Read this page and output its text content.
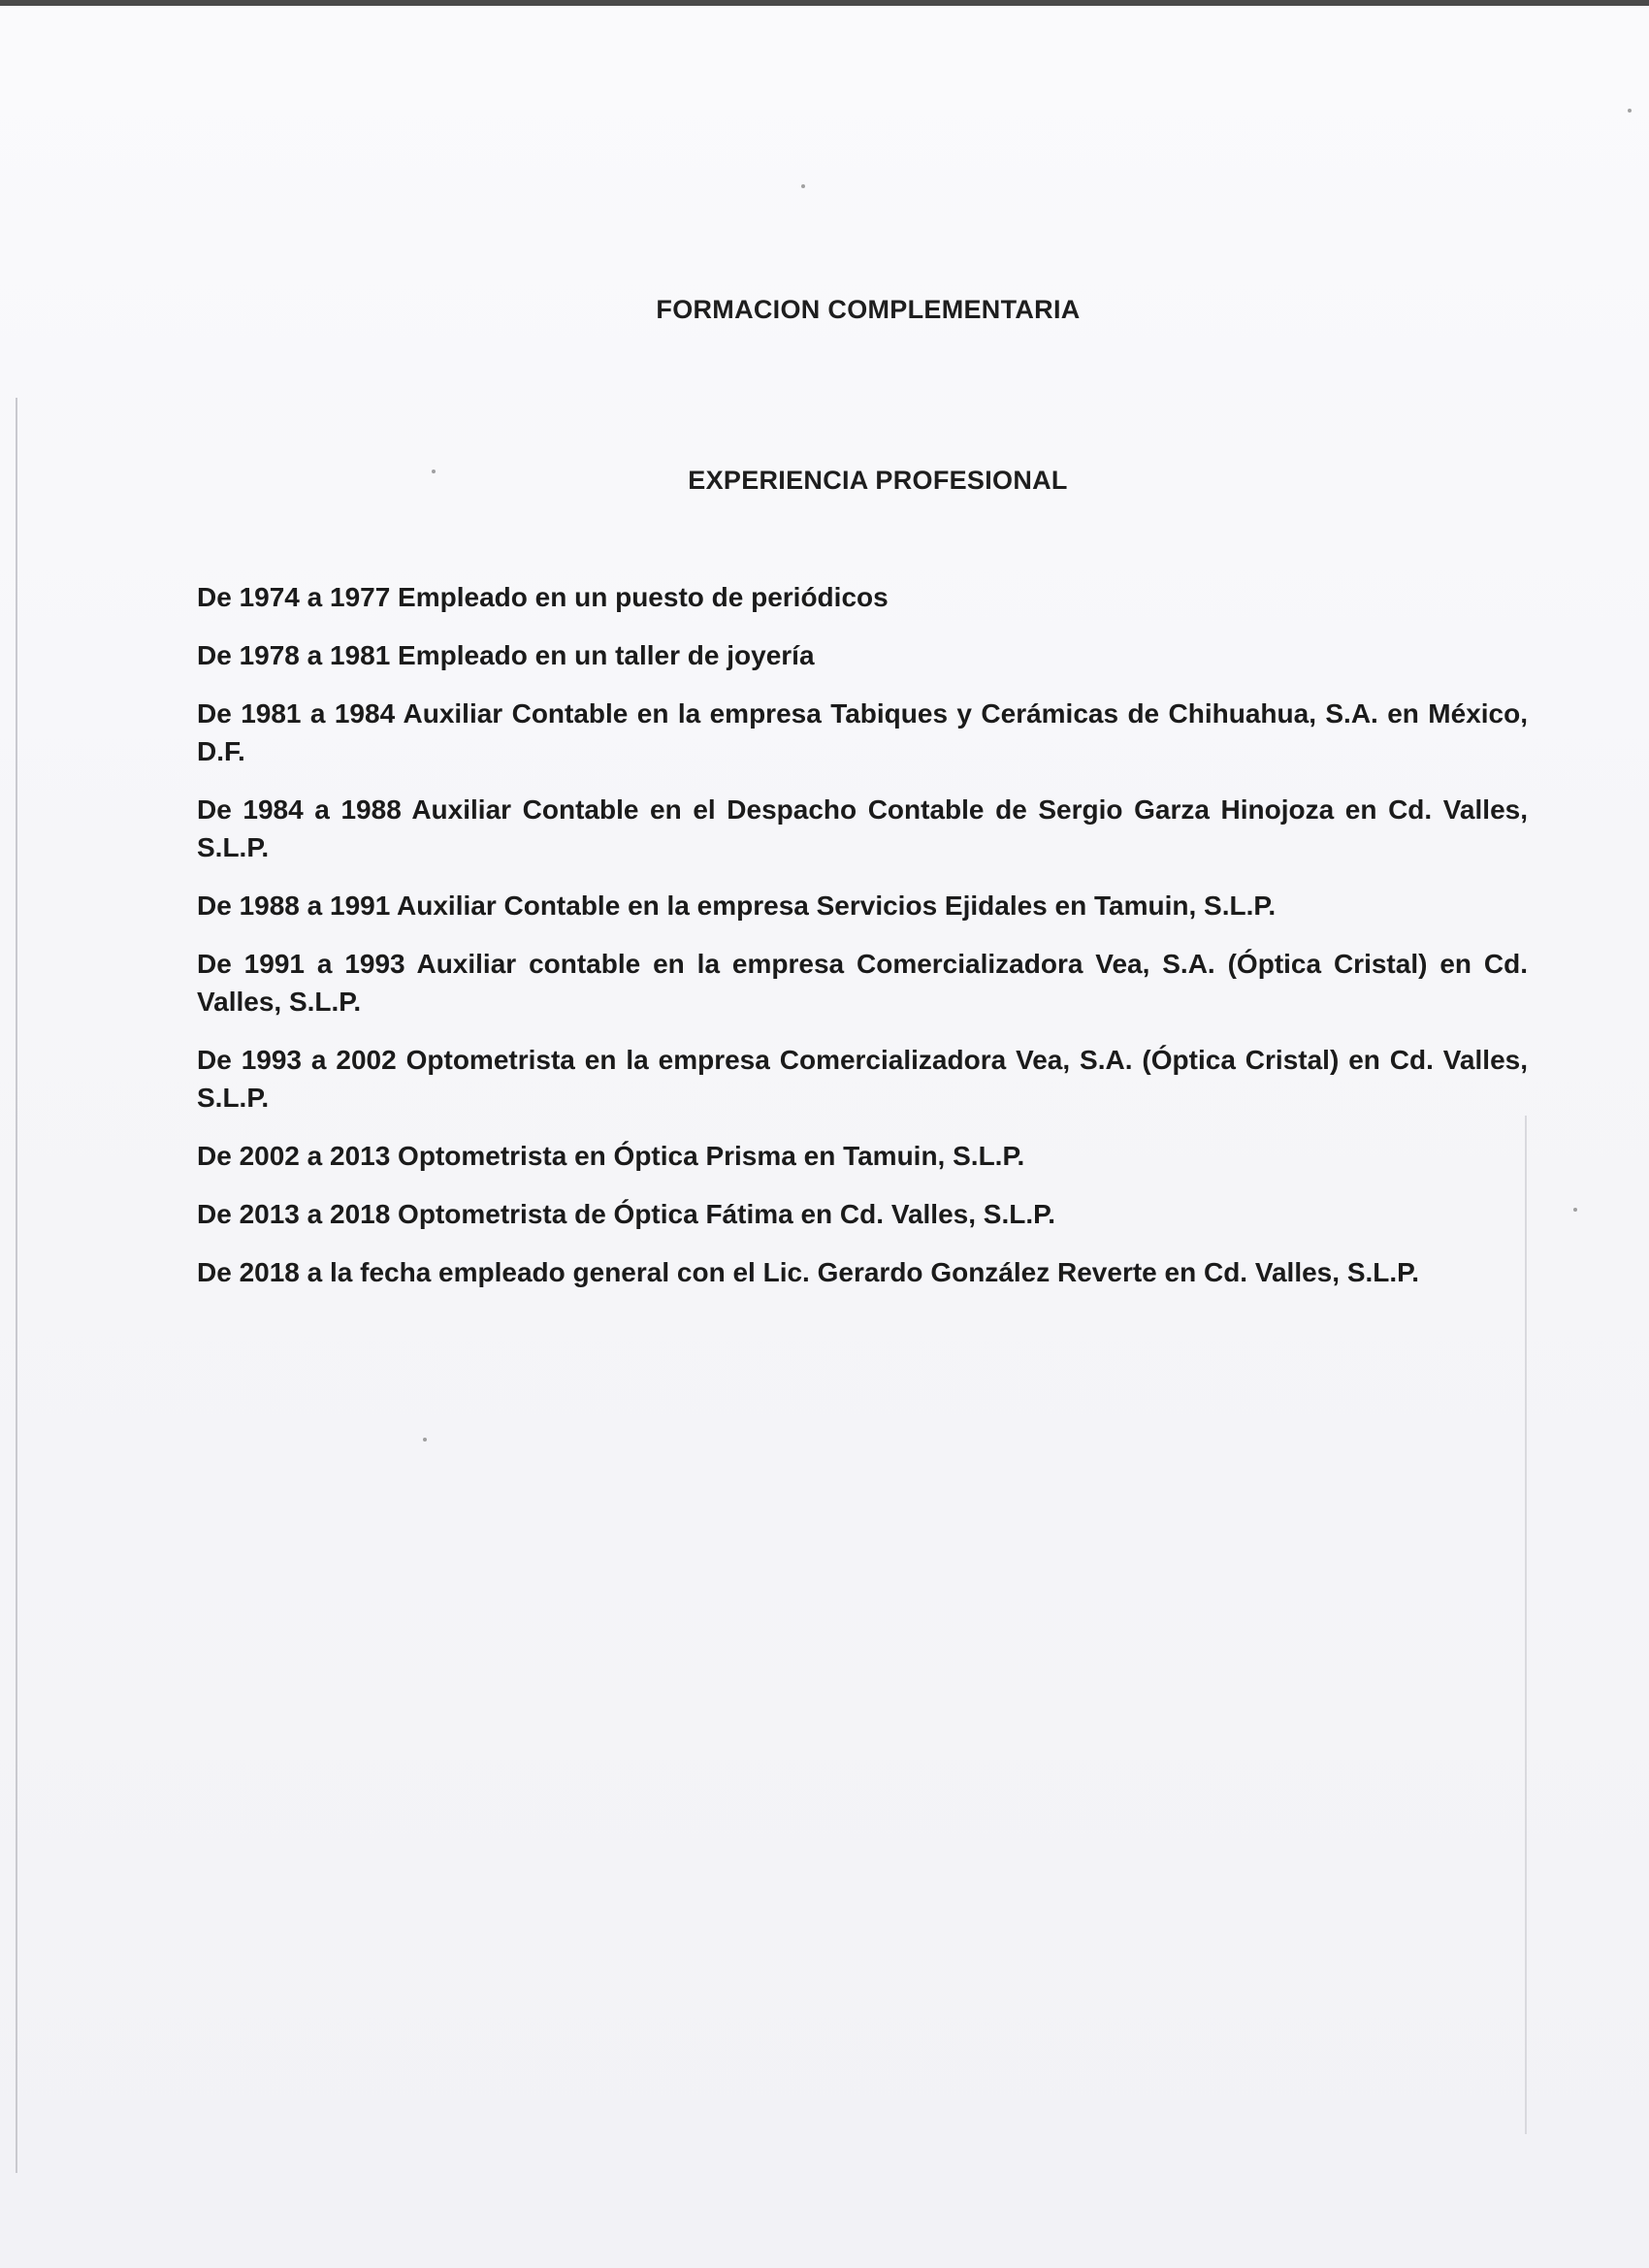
FORMACION COMPLEMENTARIA
EXPERIENCIA PROFESIONAL
De 1974 a 1977 Empleado en un puesto de periódicos
De 1978 a 1981 Empleado en un taller de joyería
De 1981 a 1984 Auxiliar Contable en la empresa Tabiques y Cerámicas de Chihuahua, S.A. en México, D.F.
De 1984 a 1988 Auxiliar Contable en el Despacho Contable de Sergio Garza Hinojoza en Cd. Valles, S.L.P.
De 1988 a 1991 Auxiliar Contable en la empresa Servicios Ejidales en Tamuin, S.L.P.
De 1991 a 1993 Auxiliar contable en la empresa Comercializadora Vea, S.A. (Óptica Cristal) en Cd. Valles, S.L.P.
De 1993 a 2002 Optometrista en la empresa Comercializadora Vea, S.A. (Óptica Cristal) en Cd. Valles, S.L.P.
De 2002 a 2013 Optometrista en Óptica Prisma en Tamuin, S.L.P.
De 2013 a 2018 Optometrista de Óptica Fátima en Cd. Valles, S.L.P.
De 2018 a la fecha empleado general con el Lic. Gerardo González Reverte en Cd. Valles, S.L.P.
